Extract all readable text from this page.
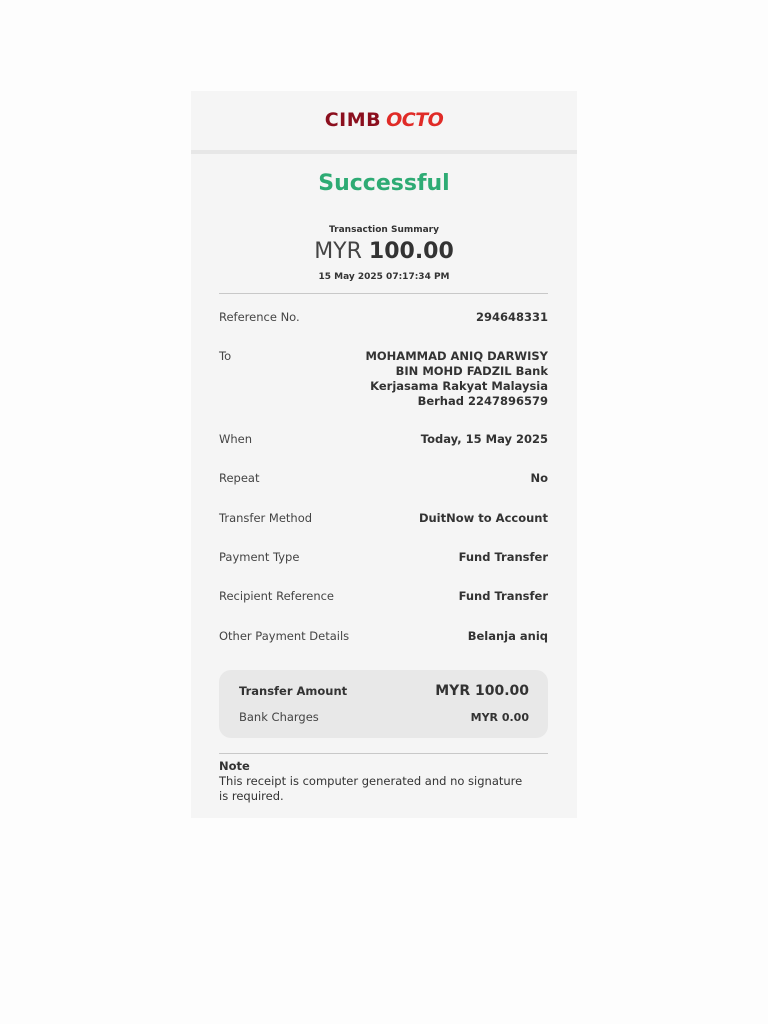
CIMB OCTO
Successful
Transaction Summary
MYR 100.00
15 May 2025 07:17:34 PM
Reference No.	294648331
To	MOHAMMAD ANIQ DARWISY BIN MOHD FADZIL Bank Kerjasama Rakyat Malaysia Berhad 2247896579
When	Today, 15 May 2025
Repeat	No
Transfer Method	DuitNow to Account
Payment Type	Fund Transfer
Recipient Reference	Fund Transfer
Other Payment Details	Belanja aniq
Transfer Amount	MYR 100.00
Bank Charges	MYR 0.00
Note
This receipt is computer generated and no signature is required.
